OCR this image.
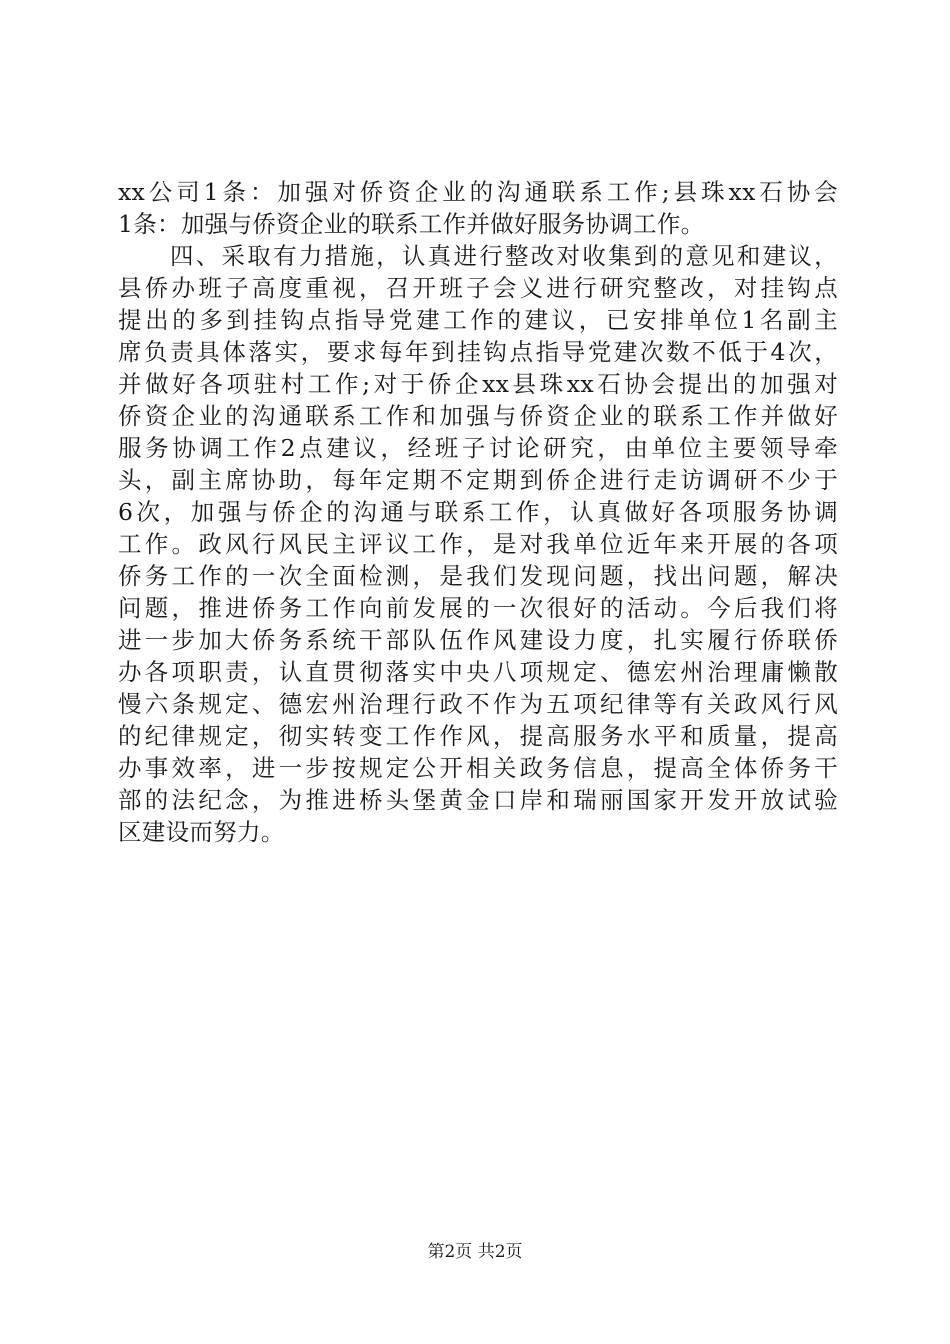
xx公司1条：加强对侨资企业的沟通联系工作;县珠xx石协会
1条：加强与侨资企业的联系工作并做好服务协调工作。
四、采取有力措施，认真进行整改对收集到的意见和建议，
县侨办班子高度重视，召开班子会义进行研究整改，对挂钩点
提出的多到挂钩点指导党建工作的建议，已安排单位1名副主
席负责具体落实，要求每年到挂钩点指导党建次数不低于4次，
并做好各项驻村工作;对于侨企xx县珠xx石协会提出的加强对
侨资企业的沟通联系工作和加强与侨资企业的联系工作并做好
服务协调工作2点建议，经班子讨论研究，由单位主要领导牵
头，副主席协助，每年定期不定期到侨企进行走访调研不少于
6次，加强与侨企的沟通与联系工作，认真做好各项服务协调
工作。政风行风民主评议工作，是对我单位近年来开展的各项
侨务工作的一次全面检测，是我们发现问题，找出问题，解决
问题，推进侨务工作向前发展的一次很好的活动。今后我们将
进一步加大侨务系统干部队伍作风建设力度，扎实履行侨联侨
办各项职责，认直贯彻落实中央八项规定、德宏州治理庸懒散
慢六条规定、德宏州治理行政不作为五项纪律等有关政风行风
的纪律规定，彻实转变工作作风，提高服务水平和质量，提高
办事效率，进一步按规定公开相关政务信息，提高全体侨务干
部的法纪念，为推进桥头堡黄金口岸和瑞丽国家开发开放试验
区建设而努力。
第2页 共2页
